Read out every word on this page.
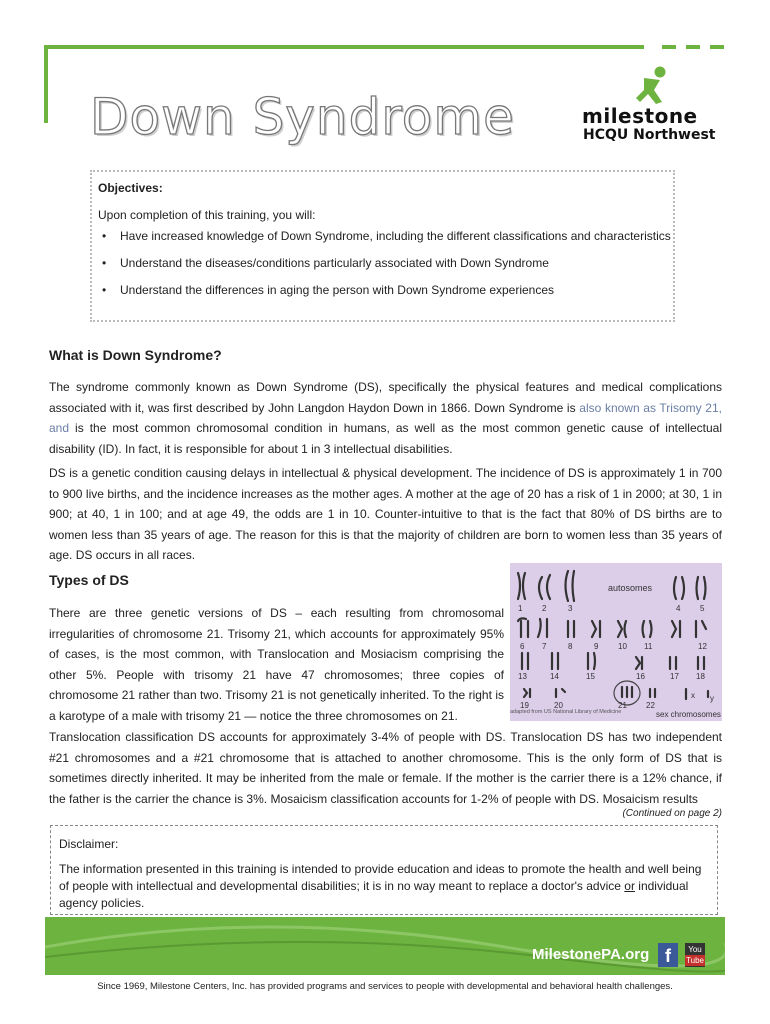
Down Syndrome	milestone
HCQU Northwest
Objectives:
Upon completion of this training, you will:
• Have increased knowledge of Down Syndrome, including the different classifications and characteristics
• Understand the diseases/conditions particularly associated with Down Syndrome
• Understand the differences in aging the person with Down Syndrome experiences
What is Down Syndrome?
The syndrome commonly known as Down Syndrome (DS), specifically the physical features and medical complications associated with it, was first described by John Langdon Haydon Down in 1866. Down Syndrome is also known as Trisomy 21, and is the most common chromosomal condition in humans, as well as the most common genetic cause of intellectual disability (ID). In fact, it is responsible for about 1 in 3 intellectual disabilities.
DS is a genetic condition causing delays in intellectual & physical development. The incidence of DS is approximately 1 in 700 to 900 live births, and the incidence increases as the mother ages. A mother at the age of 20 has a risk of 1 in 2000; at 30, 1 in 900; at 40, 1 in 100; and at age 49, the odds are 1 in 10. Counter-intuitive to that is the fact that 80% of DS births are to women less than 35 years of age. The reason for this is that the majority of children are born to women less than 35 years of age. DS occurs in all races.
Types of DS
There are three genetic versions of DS – each resulting from chromosomal irregularities of chromosome 21. Trisomy 21, which accounts for approximately 95% of cases, is the most common, with Translocation and Mosiacism comprising the other 5%. People with trisomy 21 have 47 chromosomes; three copies of chromosome 21 rather than two. Trisomy 21 is not genetically inherited. To the right is a karotype of a male with trisomy 21 — notice the three chromosomes on 21.
1 2	3	4 5
6 7	8	9 10 11	12
13	14	15	16	17 18
19	20	21 22
x y
autosomes
sex chromosomes
adapted from US National Library of Medicine
Translocation classification DS accounts for approximately 3-4% of people with DS. Translocation DS has two independent #21 chromosomes and a #21 chromosome that is attached to another chromosome. This is the only form of DS that is sometimes directly inherited. It may be inherited from the male or female. If the mother is the carrier there is a 12% chance, if the father is the carrier the chance is 3%. Mosaicism classification accounts for 1-2% of people with DS. Mosaicism results
(Continued on page 2)
Disclaimer:
The information presented in this training is intended to provide education and ideas to promote the health and well being of people with intellectual and developmental disabilities; it is in no way meant to replace a doctor's advice or individual agency policies.
MilestonePA.org f	You
Tube
Since 1969, Milestone Centers, Inc. has provided programs and services to people with developmental and behavioral health challenges.
